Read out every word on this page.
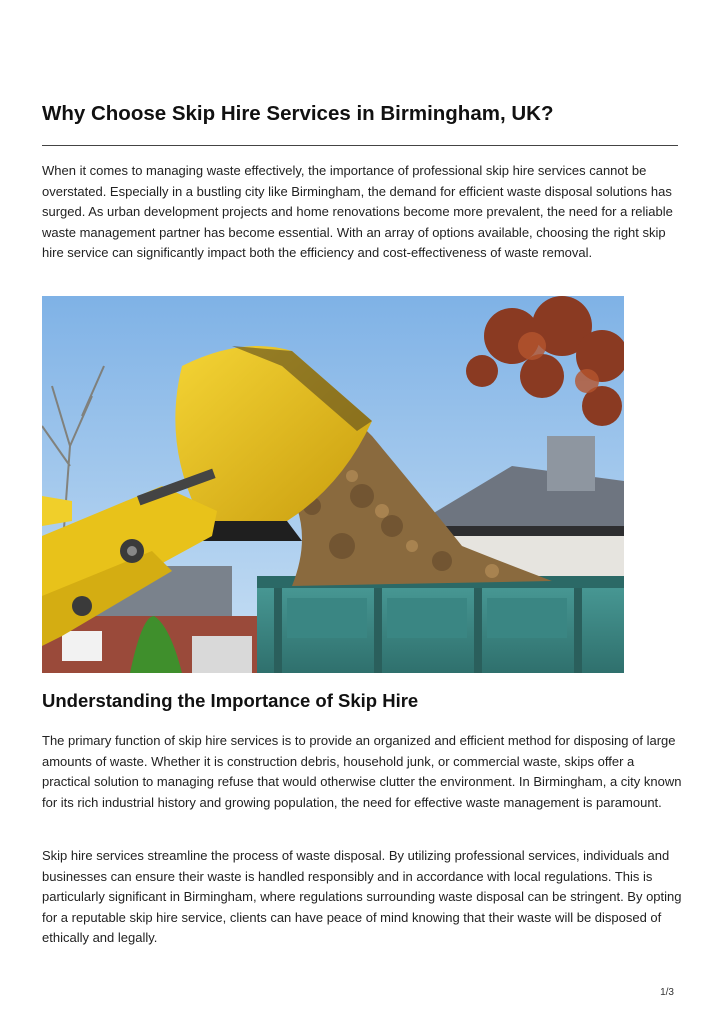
Why Choose Skip Hire Services in Birmingham, UK?

When it comes to managing waste effectively, the importance of professional skip hire services cannot be overstated. Especially in a bustling city like Birmingham, the demand for efficient waste disposal solutions has surged. As urban development projects and home renovations become more prevalent, the need for a reliable waste management partner has become essential. With an array of options available, choosing the right skip hire service can significantly impact both the efficiency and cost-effectiveness of waste removal.

Understanding the Importance of Skip Hire

The primary function of skip hire services is to provide an organized and efficient method for disposing of large amounts of waste. Whether it is construction debris, household junk, or commercial waste, skips offer a practical solution to managing refuse that would otherwise clutter the environment. In Birmingham, a city known for its rich industrial history and growing population, the need for effective waste management is paramount.

Skip hire services streamline the process of waste disposal. By utilizing professional services, individuals and businesses can ensure their waste is handled responsibly and in accordance with local regulations. This is particularly significant in Birmingham, where regulations surrounding waste disposal can be stringent. By opting for a reputable skip hire service, clients can have peace of mind knowing that their waste will be disposed of ethically and legally.

1/3
